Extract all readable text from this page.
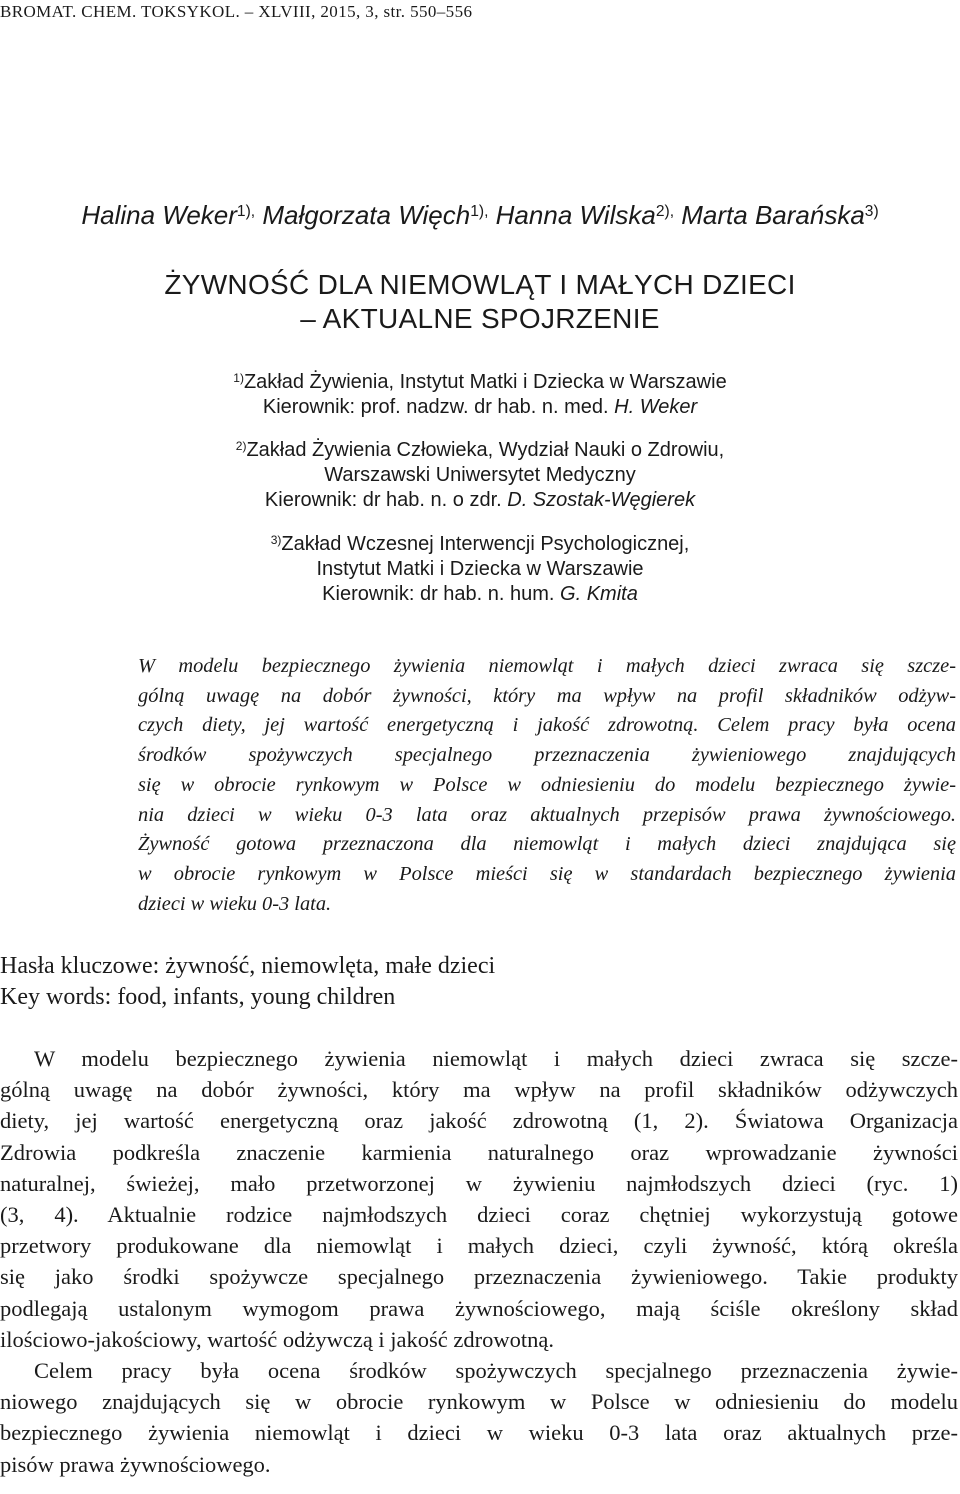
BROMAT. CHEM. TOKSYKOL. – XLVIII, 2015, 3, str. 550–556
Halina Weker$^{1),}$ Małgorzata Więch$^{1),}$ Hanna Wilska$^{2),}$ Marta Barańska$^{3)}$
ŻYWNOŚĆ DLA NIEMOWLĄT I MAŁYCH DZIECI
– AKTUALNE SPOJRZENIE
$^{1)}$Zakład Żywienia, Instytut Matki i Dziecka w Warszawie
Kierownik: prof. nadzw. dr hab. n. med. H. Weker
$^{2)}$Zakład Żywienia Człowieka, Wydział Nauki o Zdrowiu,
Warszawski Uniwersytet Medyczny
Kierownik: dr hab. n. o zdr. D. Szostak-Węgierek
$^{3)}$Zakład Wczesnej Interwencji Psychologicznej,
Instytut Matki i Dziecka w Warszawie
Kierownik: dr hab. n. hum. G. Kmita
W modelu bezpiecznego żywienia niemowląt i małych dzieci zwraca się szcze-
gólną uwagę na dobór żywności, który ma wpływ na profil składników odżyw-
czych diety, jej wartość energetyczną i jakość zdrowotną. Celem pracy była ocena
środków spożywczych specjalnego przeznaczenia żywieniowego znajdujących
się w obrocie rynkowym w Polsce w odniesieniu do modelu bezpiecznego żywie-
nia dzieci w wieku 0-3 lata oraz aktualnych przepisów prawa żywnościowego.
Żywność gotowa przeznaczona dla niemowląt i małych dzieci znajdująca się
w obrocie rynkowym w Polsce mieści się w standardach bezpiecznego żywienia
dzieci w wieku 0-3 lata.
Hasła kluczowe: żywność, niemowlęta, małe dzieci
Key words: food, infants, young children
W modelu bezpiecznego żywienia niemowląt i małych dzieci zwraca się szcze-
gólną uwagę na dobór żywności, który ma wpływ na profil składników odżywczych
diety, jej wartość energetyczną oraz jakość zdrowotną (1, 2). Światowa Organizacja
Zdrowia podkreśla znaczenie karmienia naturalnego oraz wprowadzanie żywności
naturalnej, świeżej, mało przetworzonej w żywieniu najmłodszych dzieci (ryc. 1)
(3, 4). Aktualnie rodzice najmłodszych dzieci coraz chętniej wykorzystują gotowe
przetwory produkowane dla niemowląt i małych dzieci, czyli żywność, którą określa
się jako środki spożywcze specjalnego przeznaczenia żywieniowego. Takie produkty
podlegają ustalonym wymogom prawa żywnościowego, mają ściśle określony skład
ilościowo-jakościowy, wartość odżywczą i jakość zdrowotną.
Celem pracy była ocena środków spożywczych specjalnego przeznaczenia żywie-
niowego znajdujących się w obrocie rynkowym w Polsce w odniesieniu do modelu
bezpiecznego żywienia niemowląt i dzieci w wieku 0-3 lata oraz aktualnych prze-
pisów prawa żywnościowego.
